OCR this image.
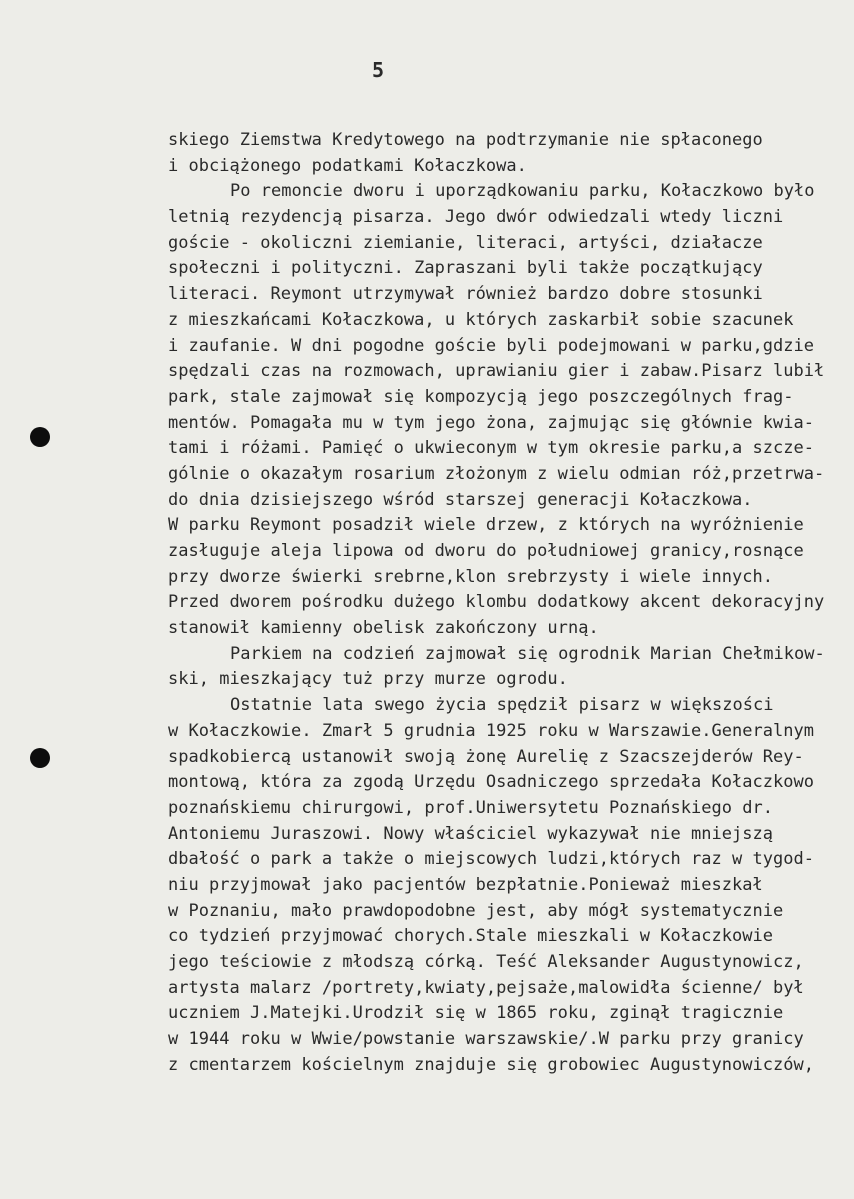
5
skiego Ziemstwa Kredytowego na podtrzymanie nie spłaconego
i obciążonego podatkami Kołaczkowa.
Po remoncie dworu i uporządkowaniu parku, Kołaczkowo było
letnią rezydencją pisarza. Jego dwór odwiedzali wtedy liczni
goście - okoliczni ziemianie, literaci, artyści, działacze
społeczni i polityczni. Zapraszani byli także początkujący
literaci. Reymont utrzymywał również bardzo dobre stosunki
z mieszkańcami Kołaczkowa, u których zaskarbił sobie szacunek
i zaufanie. W dni pogodne goście byli podejmowani w parku,gdzie
spędzali czas na rozmowach, uprawianiu gier i zabaw.Pisarz lubił
park, stale zajmował się kompozycją jego poszczególnych frag-
mentów. Pomagała mu w tym jego żona, zajmując się głównie kwia-
tami i różami. Pamięć o ukwieconym w tym okresie parku,a szcze-
gólnie o okazałym rosarium złożonym z wielu odmian róż,przetrwa-
do dnia dzisiejszego wśród starszej generacji Kołaczkowa.
W parku Reymont posadził wiele drzew, z których na wyróżnienie
zasługuje aleja lipowa od dworu do południowej granicy,rosnące
przy dworze świerki srebrne,klon srebrzysty i wiele innych.
Przed dworem pośrodku dużego klombu dodatkowy akcent dekoracyjny
stanowił kamienny obelisk zakończony urną.
Parkiem na codzień zajmował się ogrodnik Marian Chełmikow-
ski, mieszkający tuż przy murze ogrodu.
Ostatnie lata swego życia spędził pisarz w większości
w Kołaczkowie. Zmarł 5 grudnia 1925 roku w Warszawie.Generalnym
spadkobiercą ustanowił swoją żonę Aurelię z Szacszejderów Rey-
montową, która za zgodą Urzędu Osadniczego sprzedała Kołaczkowo
poznańskiemu chirurgowi, prof.Uniwersytetu Poznańskiego dr.
Antoniemu Juraszowi. Nowy właściciel wykazywał nie mniejszą
dbałość o park a także o miejscowych ludzi,których raz w tygod-
niu przyjmował jako pacjentów bezpłatnie.Ponieważ mieszkał
w Poznaniu, mało prawdopodobne jest, aby mógł systematycznie
co tydzień przyjmować chorych.Stale mieszkali w Kołaczkowie
jego teściowie z młodszą córką. Teść Aleksander Augustynowicz,
artysta malarz /portrety,kwiaty,pejsaże,malowidła ścienne/ był
uczniem J.Matejki.Urodził się w 1865 roku, zginął tragicznie
w 1944 roku w Wwie/powstanie warszawskie/.W parku przy granicy
z cmentarzem kościelnym znajduje się grobowiec Augustynowiczów,
